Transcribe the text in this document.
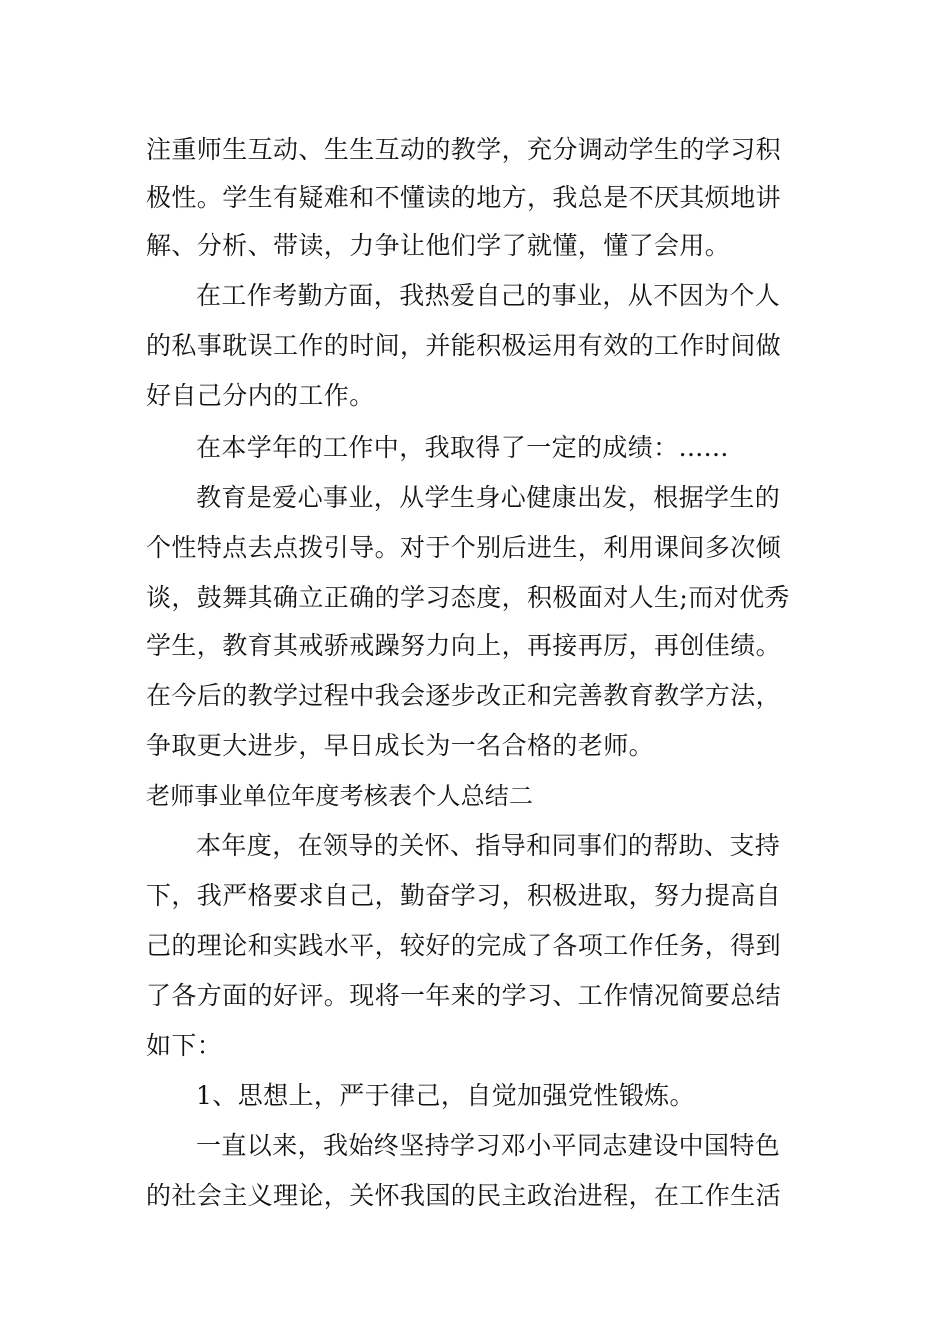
注重师生互动、生生互动的教学，充分调动学生的学习积
极性。学生有疑难和不懂读的地方，我总是不厌其烦地讲
解、分析、带读，力争让他们学了就懂，懂了会用。
在工作考勤方面，我热爱自己的事业，从不因为个人
的私事耽误工作的时间，并能积极运用有效的工作时间做
好自己分内的工作。
在本学年的工作中，我取得了一定的成绩：......
教育是爱心事业，从学生身心健康出发，根据学生的
个性特点去点拨引导。对于个别后进生，利用课间多次倾
谈，鼓舞其确立正确的学习态度，积极面对人生;而对优秀
学生，教育其戒骄戒躁努力向上，再接再厉，再创佳绩。
在今后的教学过程中我会逐步改正和完善教育教学方法，
争取更大进步，早日成长为一名合格的老师。
老师事业单位年度考核表个人总结二
本年度，在领导的关怀、指导和同事们的帮助、支持
下，我严格要求自己，勤奋学习，积极进取，努力提高自
己的理论和实践水平，较好的完成了各项工作任务，得到
了各方面的好评。现将一年来的学习、工作情况简要总结
如下：
1、思想上，严于律己，自觉加强党性锻炼。
一直以来，我始终坚持学习邓小平同志建设中国特色
的社会主义理论，关怀我国的民主政治进程，在工作生活
